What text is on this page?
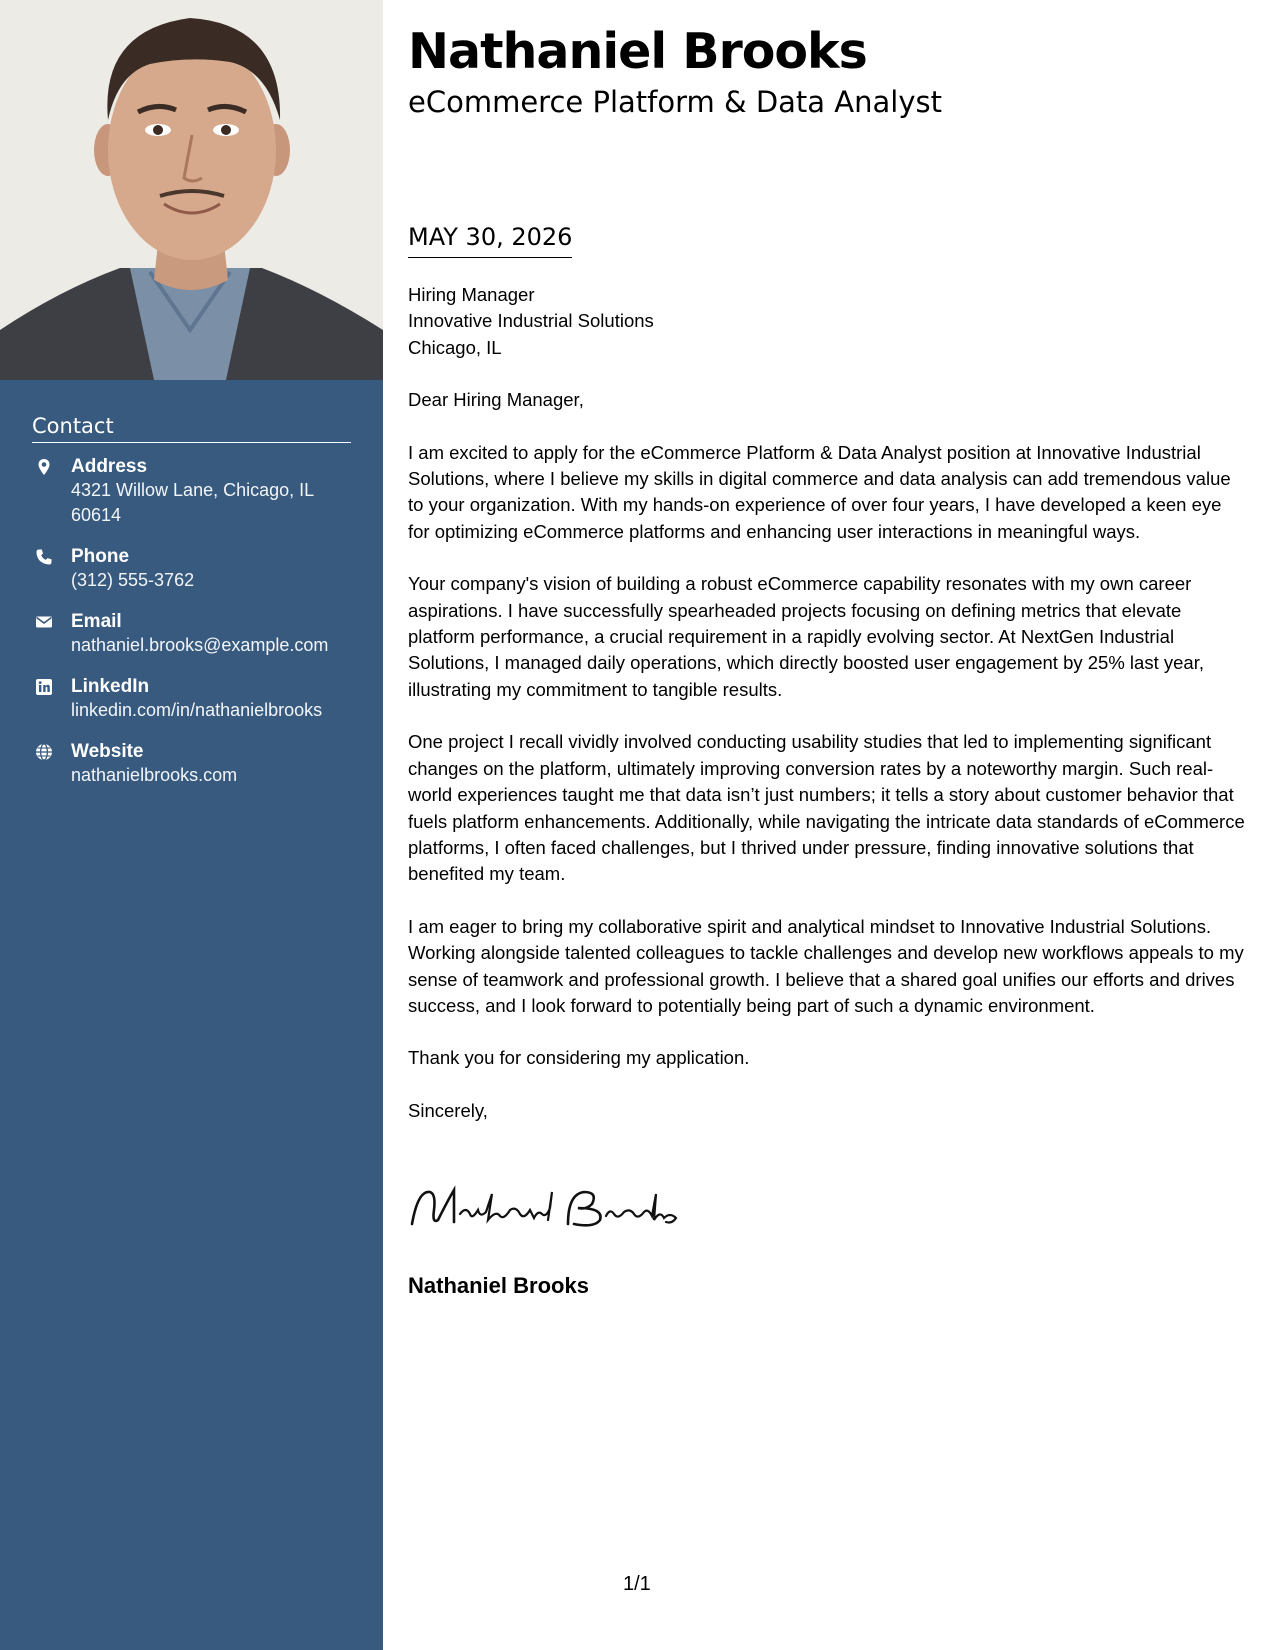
Contact
Address
4321 Willow Lane, Chicago, IL 60614
Phone
(312) 555-3762
Email
nathaniel.brooks@example.com
LinkedIn
linkedin.com/in/nathanielbrooks
Website
nathanielbrooks.com
Nathaniel Brooks
eCommerce Platform & Data Analyst
MAY 30, 2026
Hiring Manager
Innovative Industrial Solutions
Chicago, IL

Dear Hiring Manager,

I am excited to apply for the eCommerce Platform & Data Analyst position at Innovative Industrial Solutions, where I believe my skills in digital commerce and data analysis can add tremendous value to your organization. With my hands-on experience of over four years, I have developed a keen eye for optimizing eCommerce platforms and enhancing user interactions in meaningful ways.

Your company's vision of building a robust eCommerce capability resonates with my own career aspirations. I have successfully spearheaded projects focusing on defining metrics that elevate platform performance, a crucial requirement in a rapidly evolving sector. At NextGen Industrial Solutions, I managed daily operations, which directly boosted user engagement by 25% last year, illustrating my commitment to tangible results.

One project I recall vividly involved conducting usability studies that led to implementing significant changes on the platform, ultimately improving conversion rates by a noteworthy margin. Such real-world experiences taught me that data isn’t just numbers; it tells a story about customer behavior that fuels platform enhancements. Additionally, while navigating the intricate data standards of eCommerce platforms, I often faced challenges, but I thrived under pressure, finding innovative solutions that benefited my team.

I am eager to bring my collaborative spirit and analytical mindset to Innovative Industrial Solutions. Working alongside talented colleagues to tackle challenges and develop new workflows appeals to my sense of teamwork and professional growth. I believe that a shared goal unifies our efforts and drives success, and I look forward to potentially being part of such a dynamic environment.

Thank you for considering my application.

Sincerely,

Nathaniel Brooks
1/1
